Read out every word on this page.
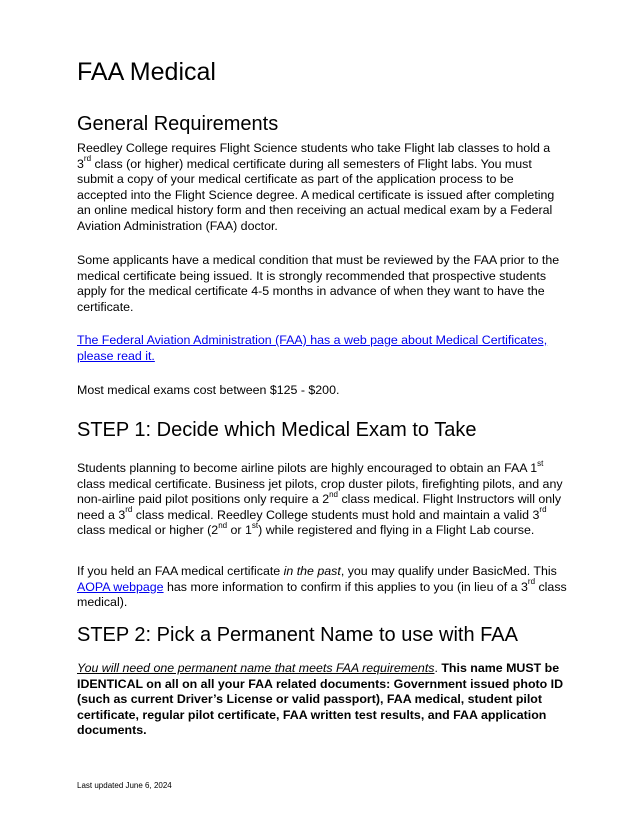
FAA Medical
General Requirements

Reedley College requires Flight Science students who take Flight lab classes to hold a 3rd class (or higher) medical certificate during all semesters of Flight labs. You must submit a copy of your medical certificate as part of the application process to be accepted into the Flight Science degree. A medical certificate is issued after completing an online medical history form and then receiving an actual medical exam by a Federal Aviation Administration (FAA) doctor.

Some applicants have a medical condition that must be reviewed by the FAA prior to the medical certificate being issued. It is strongly recommended that prospective students apply for the medical certificate 4-5 months in advance of when they want to have the certificate.

The Federal Aviation Administration (FAA) has a web page about Medical Certificates, please read it.

Most medical exams cost between $125 - $200.

STEP 1: Decide which Medical Exam to Take

Students planning to become airline pilots are highly encouraged to obtain an FAA 1st class medical certificate. Business jet pilots, crop duster pilots, firefighting pilots, and any non-airline paid pilot positions only require a 2nd class medical. Flight Instructors will only need a 3rd class medical. Reedley College students must hold and maintain a valid 3rd class medical or higher (2nd or 1st) while registered and flying in a Flight Lab course.

If you held an FAA medical certificate in the past, you may qualify under BasicMed. This AOPA webpage has more information to confirm if this applies to you (in lieu of a 3rd class medical).

STEP 2: Pick a Permanent Name to use with FAA

You will need one permanent name that meets FAA requirements. This name MUST be IDENTICAL on all on all your FAA related documents: Government issued photo ID (such as current Driver’s License or valid passport), FAA medical, student pilot certificate, regular pilot certificate, FAA written test results, and FAA application documents.

Last updated June 6, 2024
